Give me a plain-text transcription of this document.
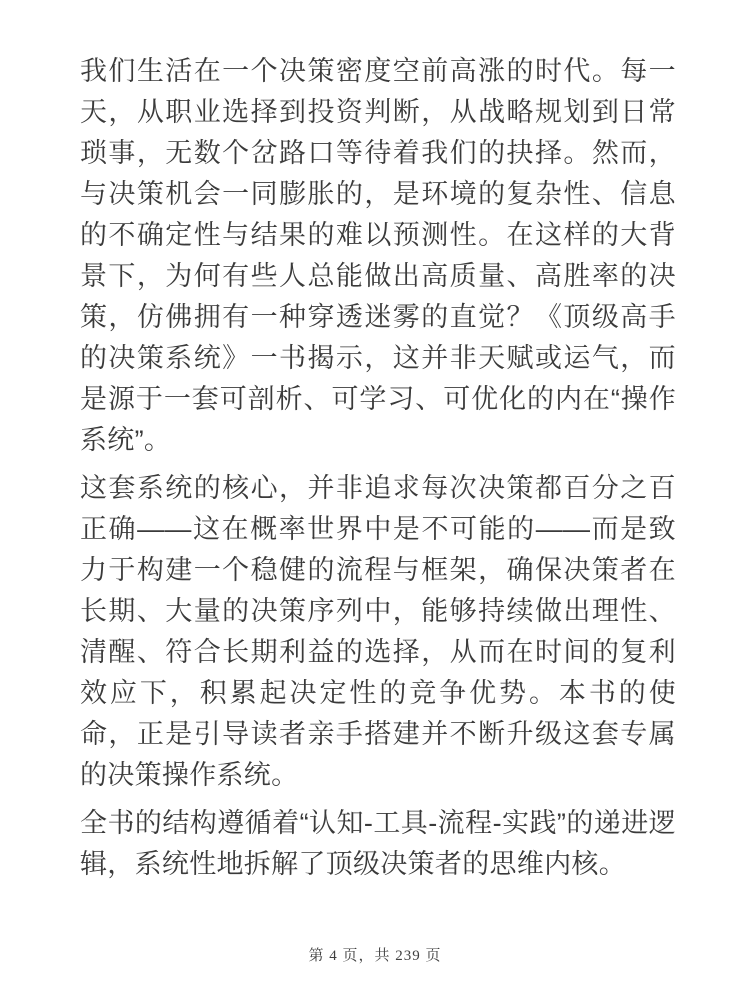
我们生活在一个决策密度空前高涨的时代。每一天，从职业选择到投资判断，从战略规划到日常琐事，无数个岔路口等待着我们的抉择。然而，与决策机会一同膨胀的，是环境的复杂性、信息的不确定性与结果的难以预测性。在这样的大背景下，为何有些人总能做出高质量、高胜率的决策，仿佛拥有一种穿透迷雾的直觉？《顶级高手的决策系统》一书揭示，这并非天赋或运气，而是源于一套可剖析、可学习、可优化的内在“操作系统”。

这套系统的核心，并非追求每次决策都百分之百正确——这在概率世界中是不可能的——而是致力于构建一个稳健的流程与框架，确保决策者在长期、大量的决策序列中，能够持续做出理性、清醒、符合长期利益的选择，从而在时间的复利效应下，积累起决定性的竞争优势。本书的使命，正是引导读者亲手搭建并不断升级这套专属的决策操作系统。

全书的结构遵循着“认知-工具-流程-实践”的递进逻辑，系统性地拆解了顶级决策者的思维内核。

第 4 页，共 239 页
